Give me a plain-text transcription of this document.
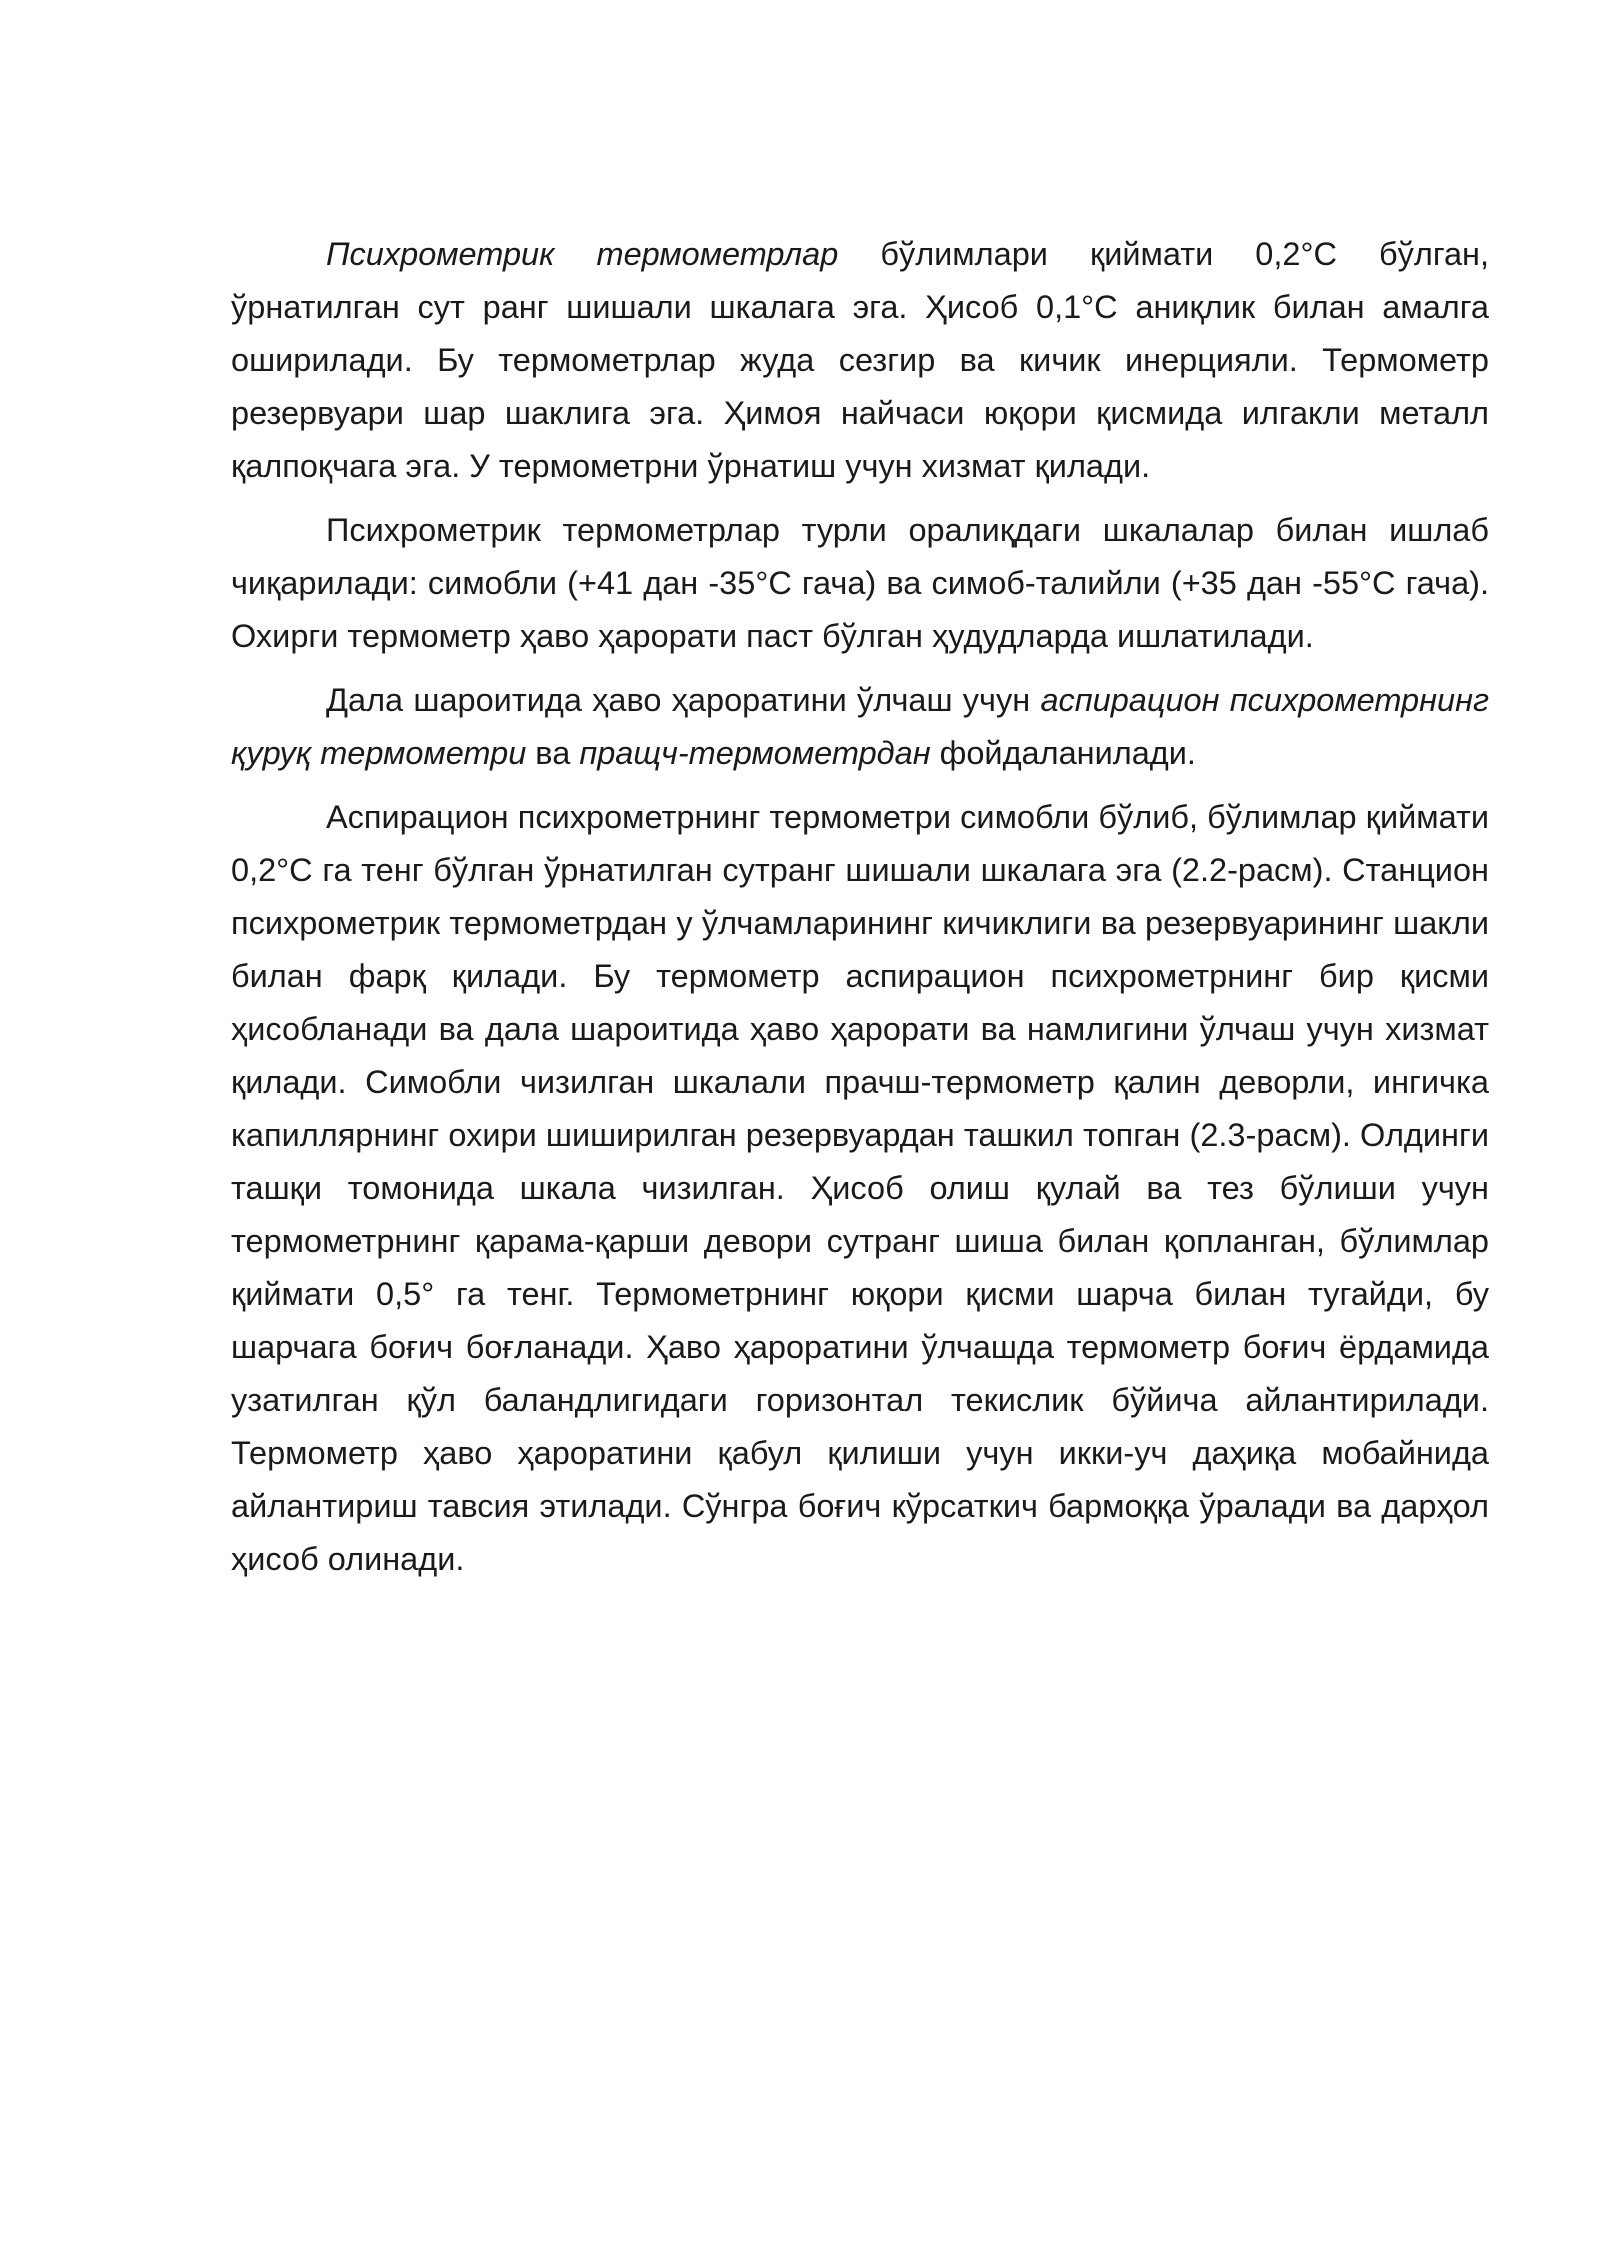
Психрометрик термометрлар бўлимлари қиймати 0,2°С бўлган, ўрнатилган сут ранг шишали шкалага эга. Ҳисоб 0,1°С аниқлик билан амалга оширилади. Бу термометрлар жуда сезгир ва кичик инерцияли. Термометр резервуари шар шаклига эга. Ҳимоя найчаси юқори қисмида илгакли металл қалпоқчага эга. У термометрни ўрнатиш учун хизмат қилади.

Психрометрик термометрлар турли оралиқдаги шкалалар билан ишлаб чиқарилади: симобли (+41 дан -35°С гача) ва симоб-талийли (+35 дан -55°С гача). Охирги термометр ҳаво ҳарорати паст бўлган ҳудудларда ишлатилади.

Дала шароитида ҳаво ҳароратини ўлчаш учун аспирацион психрометрнинг қуруқ термометри ва пращч-термометрдан фойдаланилади.

Аспирацион психрометрнинг термометри симобли бўлиб, бўлимлар қиймати 0,2°С га тенг бўлган ўрнатилган сутранг шишали шкалага эга (2.2-расм). Станцион психрометрик термометрдан у ўлчамларининг кичиклиги ва резервуарининг шакли билан фарқ қилади. Бу термометр аспирацион психрометрнинг бир қисми ҳисобланади ва дала шароитида ҳаво ҳарорати ва намлигини ўлчаш учун хизмат қилади. Симобли чизилган шкалали прачш-термометр қалин деворли, ингичка капиллярнинг охири шиширилган резервуардан ташкил топган (2.3-расм). Олдинги ташқи томонида шкала чизилган. Ҳисоб олиш қулай ва тез бўлиши учун термометрнинг қарама-қарши девори сутранг шиша билан қопланган, бўлимлар қиймати 0,5° га тенг. Термометрнинг юқори қисми шарча билан тугайди, бу шарчага боғич боғланади. Ҳаво ҳароратини ўлчашда термометр боғич ёрдамида узатилган қўл баландлигидаги горизонтал текислик бўйича айлантирилади. Термометр ҳаво ҳароратини қабул қилиши учун икки-уч даҳиқа мобайнида айлантириш тавсия этилади. Сўнгра боғич кўрсаткич бармоққа ўралади ва дарҳол ҳисоб олинади.
